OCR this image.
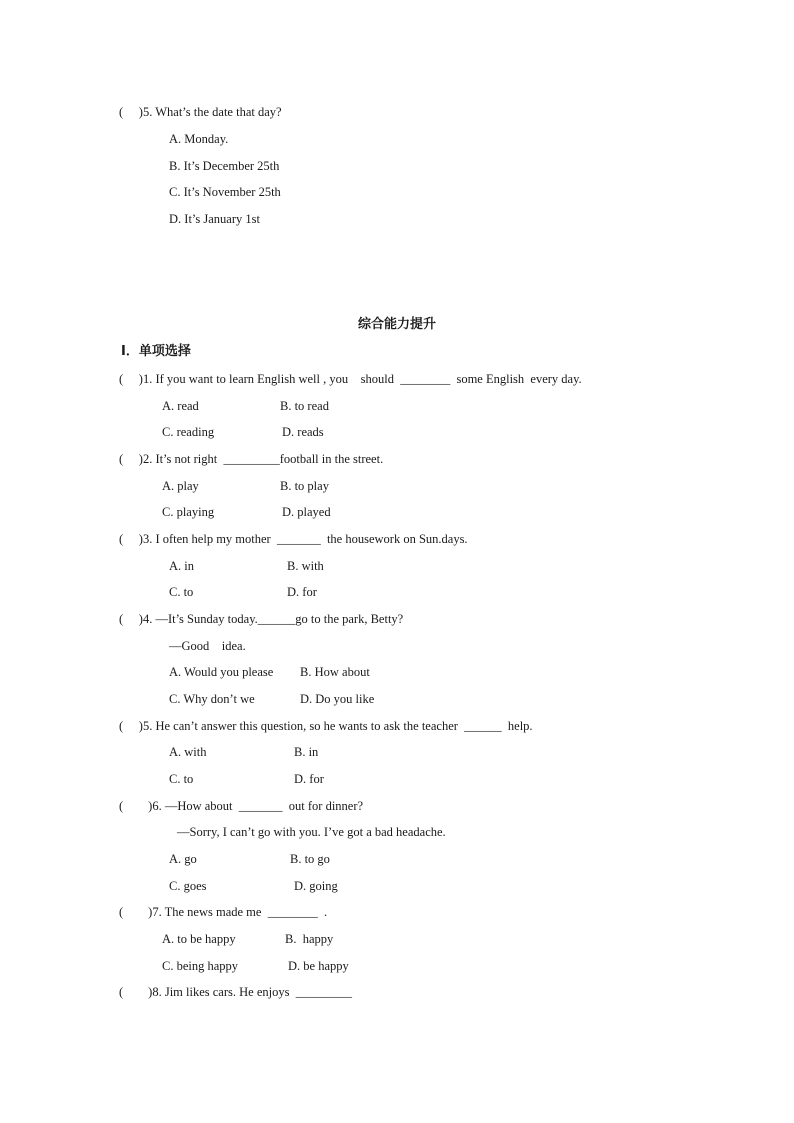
(     )5. What’s the date that day?
A. Monday.
B. It’s December 25th
C. It’s November 25th
D. It’s January 1st
综合能力提升
I．单项选择
(     )1. If you want to learn English well , you    should  ________  some English  every day.
A. read	B. to read
C. reading	D. reads
(     )2. It’s not right  _________football in the street.
A. play	B. to play
C. playing	D. played
(     )3. I often help my mother  _______  the housework on Sun.days.
A. in	B. with
C. to	D. for
(     )4. —It’s Sunday today.______go to the park, Betty?
—Good    idea.
A. Would you please B. How about
C. Why don’t we	D. Do you like
(     )5. He can’t answer this question, so he wants to ask the teacher  ______  help.
A. with	B. in
C. to	D. for
(        )6. —How about  _______  out for dinner?
—Sorry, I can’t go with you. I’ve got a bad headache.
A. go	B. to go
C. goes	D. going
(        )7. The news made me  ________  .
A. to be happy	B.  happy
C. being happy	D. be happy
(        )8. Jim likes cars. He enjoys  _________
